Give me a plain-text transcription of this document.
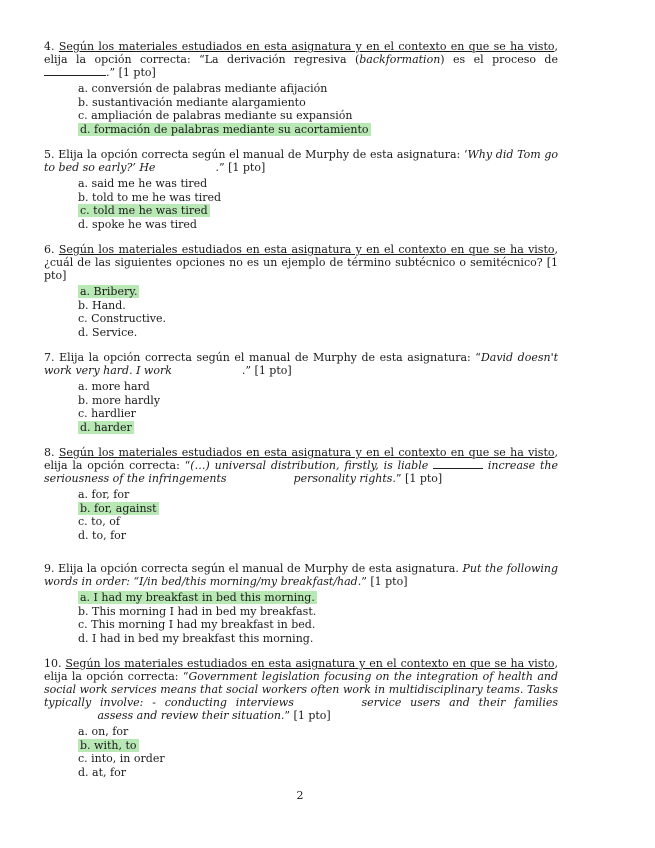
4. Según los materiales estudiados en esta asignatura y en el contexto en que se ha visto, elija la opción correcta: “La derivación regresiva (backformation) es el proceso de.” [1 pto]
a. conversión de palabras mediante afijación
b. sustantivación mediante alargamiento
c. ampliación de palabras mediante su expansión
d. formación de palabras mediante su acortamiento
5. Elija la opción correcta según el manual de Murphy de esta asignatura: ‘Why did Tom go to bed so early?’ He	.” [1 pto]
a. said me he was tired
b. told to me he was tired
c. told me he was tired
d. spoke he was tired
6. Según los materiales estudiados en esta asignatura y en el contexto en que se ha visto, ¿cuál de las siguientes opciones no es un ejemplo de término subtécnico o semitécnico? [1 pto]
a. Bribery.
b. Hand.
c. Constructive.
d. Service.
7. Elija la opción correcta según el manual de Murphy de esta asignatura: “David doesn't work very hard. I work	.” [1 pto]
a. more hard
b. more hardly
c. hardlier
d. harder
8. Según los materiales estudiados en esta asignatura y en el contexto en que se ha visto, elija la opción correcta: “(…) universal distribution, firstly, is liable	increase the seriousness of the infringements	personality rights.” [1 pto]
a. for, for
b. for, against
c. to, of
d. to, for
9. Elija la opción correcta según el manual de Murphy de esta asignatura. Put the following words in order: “I/in bed/this morning/my breakfast/had.” [1 pto]
a. I had my breakfast in bed this morning.
b. This morning I had in bed my breakfast.
c. This morning I had my breakfast in bed.
d. I had in bed my breakfast this morning.
10. Según los materiales estudiados en esta asignatura y en el contexto en que se ha visto, elija la opción correcta: “Government legislation focusing on the integration of health and social work services means that social workers often work in multidisciplinary teams. Tasks typically involve: - conducting interviews	service users and their families  assess and review their situation.” [1 pto]
a. on, for
b. with, to
c. into, in order
d. at, for
2
